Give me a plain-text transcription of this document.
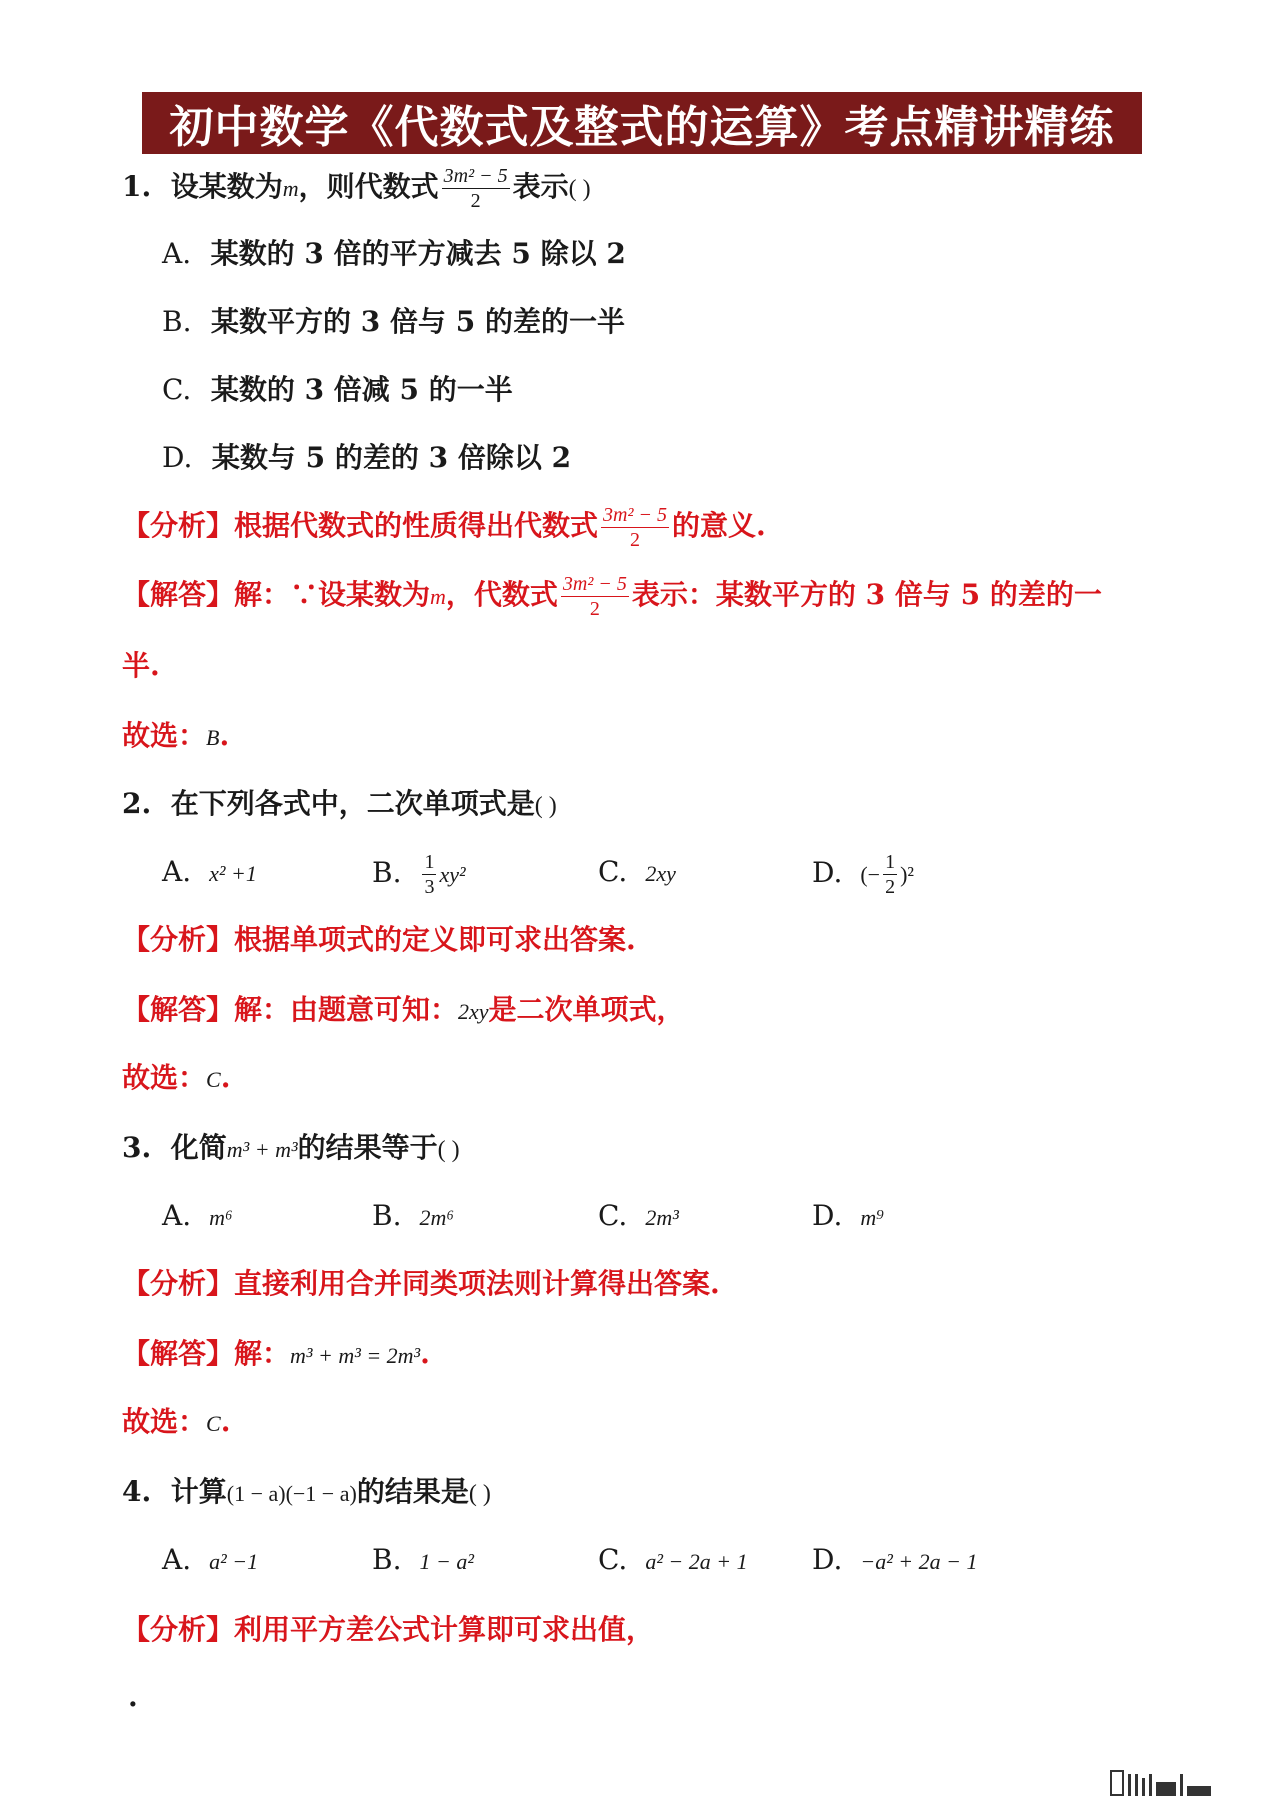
初中数学《代数式及整式的运算》考点精讲精练
1. 设某数为m，则代数式 $\frac{\text{3m² − 5}}{2}$ 表示( )
A. 某数的 3 倍的平方减去 5 除以 2
B. 某数平方的 3 倍与 5 的差的一半
C. 某数的 3 倍减 5 的一半
D. 某数与 5 的差的 3 倍除以 2
【分析】根据代数式的性质得出代数式 $\frac{\text{3m² − 5}}{2}$ 的意义.
【解答】解：∵设某数为m，代数式 $\frac{\text{3m² − 5}}{2}$ 表示：某数平方的 3 倍与 5 的差的一
半.
故选：B.
2. 在下列各式中，二次单项式是( )
A. x² +1	B. $\frac{1}{3} xy^2$	C. 2xy	D. (− $\frac{1}{2} )^2$
【分析】根据单项式的定义即可求出答案.
【解答】解：由题意可知：2xy是二次单项式，
故选：C.
3. 化简m³ + m³的结果等于( )
A. m⁶	B. 2m⁶	C. 2m³	D. m⁹
【分析】直接利用合并同类项法则计算得出答案.
【解答】解：m³ + m³ = 2m³.
故选：C.
4. 计算(1 − a)(−1 − a)的结果是( )
A. a² −1	B. 1 − a²	C. a² − 2a + 1 D. −a² + 2a − 1
【分析】利用平方差公式计算即可求出值，
.
